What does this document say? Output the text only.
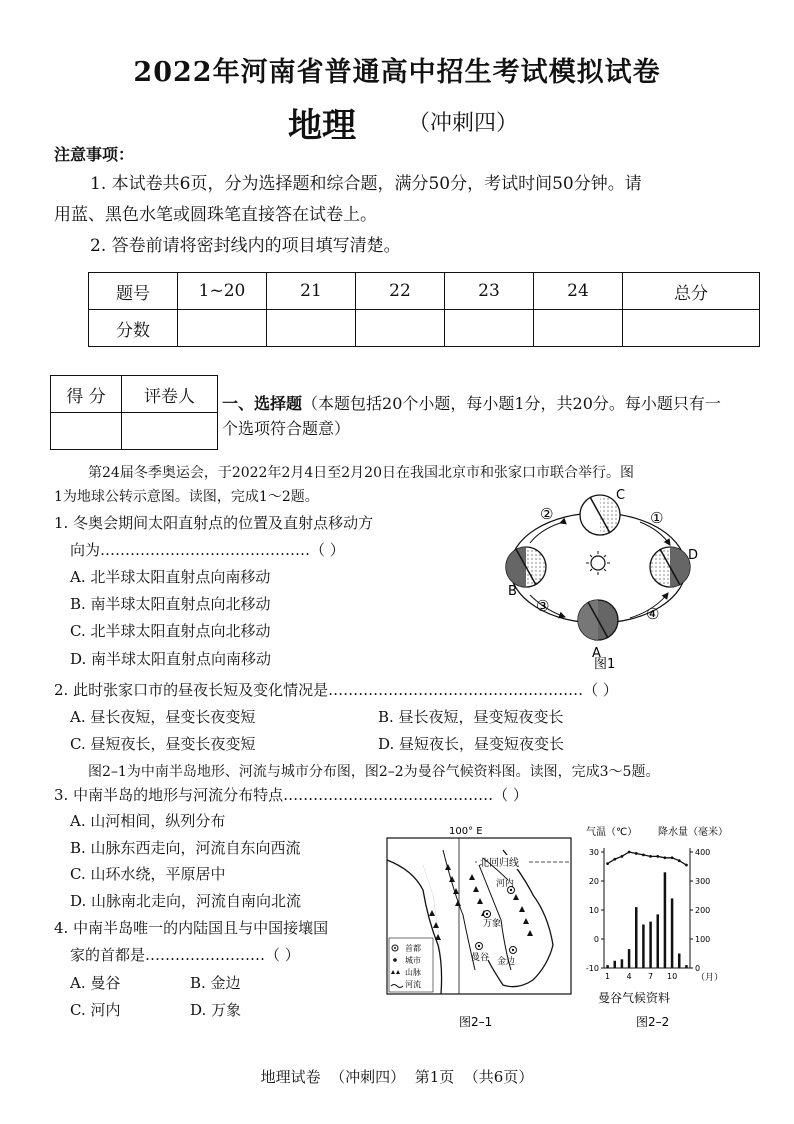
2022年河南省普通高中招生考试模拟试卷
地理 （冲刺四）
注意事项：
1. 本试卷共6页，分为选择题和综合题，满分50分，考试时间50分钟。请
用蓝、黑色水笔或圆珠笔直接答在试卷上。
2. 答卷前请将密封线内的项目填写清楚。
题号	1~20	21	22	23	24	总分
分数						
得 分	评卷人
	一、选择题（本题包括20个小题，每小题1分，共20分。每小题只有一
个选项符合题意）
第24届冬季奥运会，于2022年2月4日至2月20日在我国北京市和张家口市联合举行。图
1为地球公转示意图。读图，完成1～2题。
1. 冬奥会期间太阳直射点的位置及直射点移动方
向为……………………………………（ ）
A. 北半球太阳直射点向南移动
B. 南半球太阳直射点向北移动
C. 北半球太阳直射点向北移动
D. 南半球太阳直射点向南移动
C
D
B
A
①
②
③	④
图1
2. 此时张家口市的昼夜长短及变化情况是……………………………………………（ ）
A. 昼长夜短，昼变长夜变短	B. 昼长夜短，昼变短夜变长
C. 昼短夜长，昼变长夜变短	D. 昼短夜长，昼变短夜变长
图2–1为中南半岛地形、河流与城市分布图，图2–2为曼谷气候资料图。读图，完成3～5题。
3. 中南半岛的地形与河流分布特点……………………………………（ ）
A. 山河相间，纵列分布
B. 山脉东西走向，河流自东向西流
C. 山环水绕，平原居中
D. 山脉南北走向，河流自南向北流
4. 中南半岛唯一的内陆国且与中国接壤国
家的首都是……………………（ ）
A. 曼谷	B. 金边
C. 河内	D. 万象
100° E
北回归线
河内
万象
曼谷 金边
首都
城市
山脉
河流
图2–1
气温（℃） 降水量（毫米）
-10
0
10
20
30
0
100
200
300
400
1 4 7 10 （月）
曼谷气候资料
图2–2
地理试卷  （冲刺四）  第1页  （共6页）
